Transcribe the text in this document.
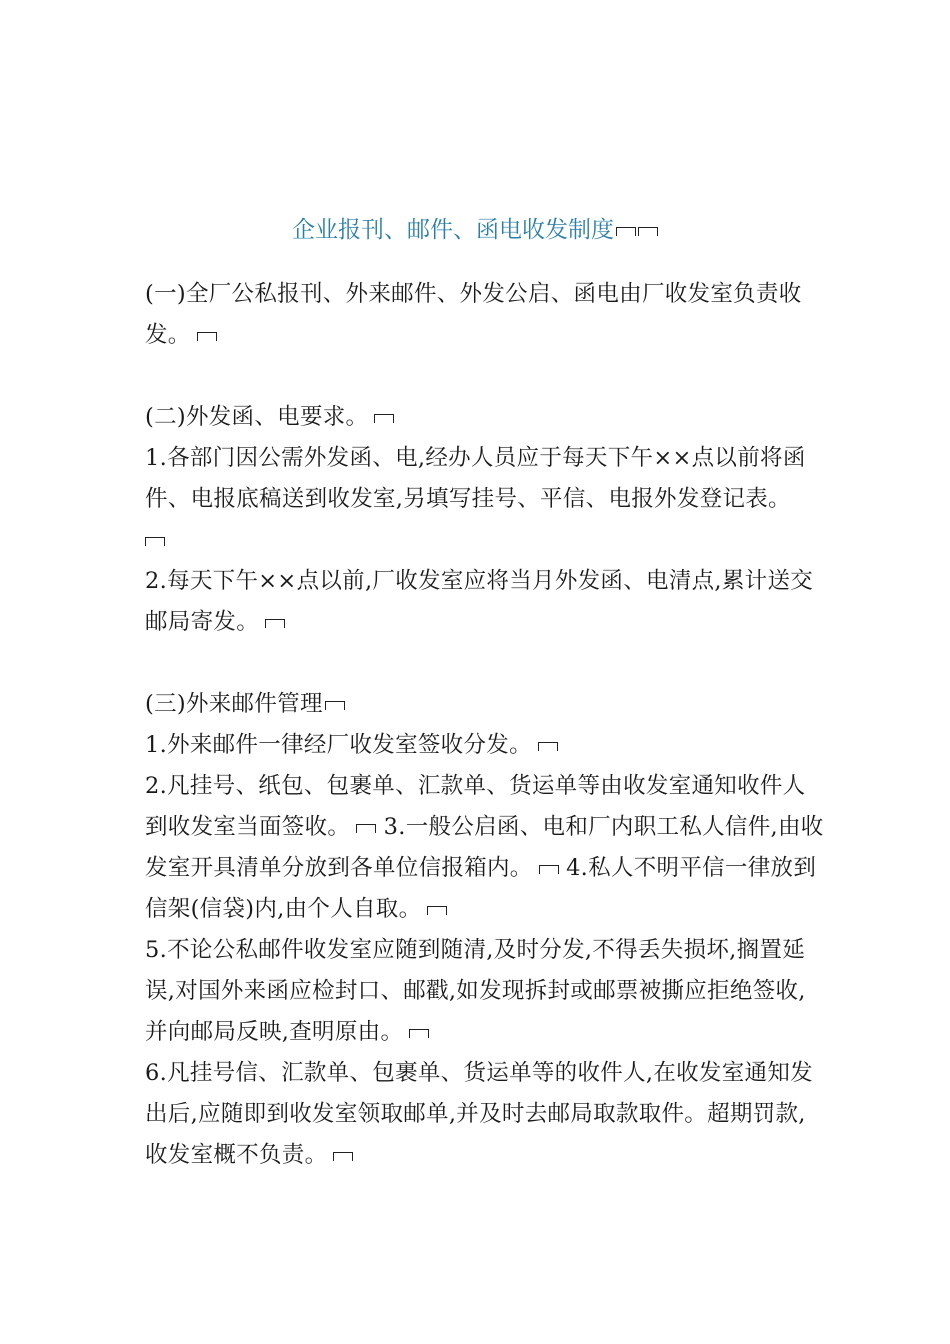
企业报刊、邮件、函电收发制度

(一)全厂公私报刊、外来邮件、外发公启、函电由厂收发室负责收发。

(二)外发函、电要求。

1.各部门因公需外发函、电,经办人员应于每天下午××点以前将函件、电报底稿送到收发室,另填写挂号、平信、电报外发登记表。

2.每天下午××点以前,厂收发室应将当月外发函、电清点,累计送交邮局寄发。

(三)外来邮件管理

1.外来邮件一律经厂收发室签收分发。

2.凡挂号、纸包、包裹单、汇款单、货运单等由收发室通知收件人到收发室当面签收。 3.一般公启函、电和厂内职工私人信件,由收发室开具清单分放到各单位信报箱内。 4.私人不明平信一律放到信架(信袋)内,由个人自取。

5.不论公私邮件收发室应随到随清,及时分发,不得丢失损坏,搁置延误,对国外来函应检封口、邮戳,如发现拆封或邮票被撕应拒绝签收,并向邮局反映,查明原由。

6.凡挂号信、汇款单、包裹单、货运单等的收件人,在收发室通知发出后,应随即到收发室领取邮单,并及时去邮局取款取件。超期罚款,收发室概不负责。
